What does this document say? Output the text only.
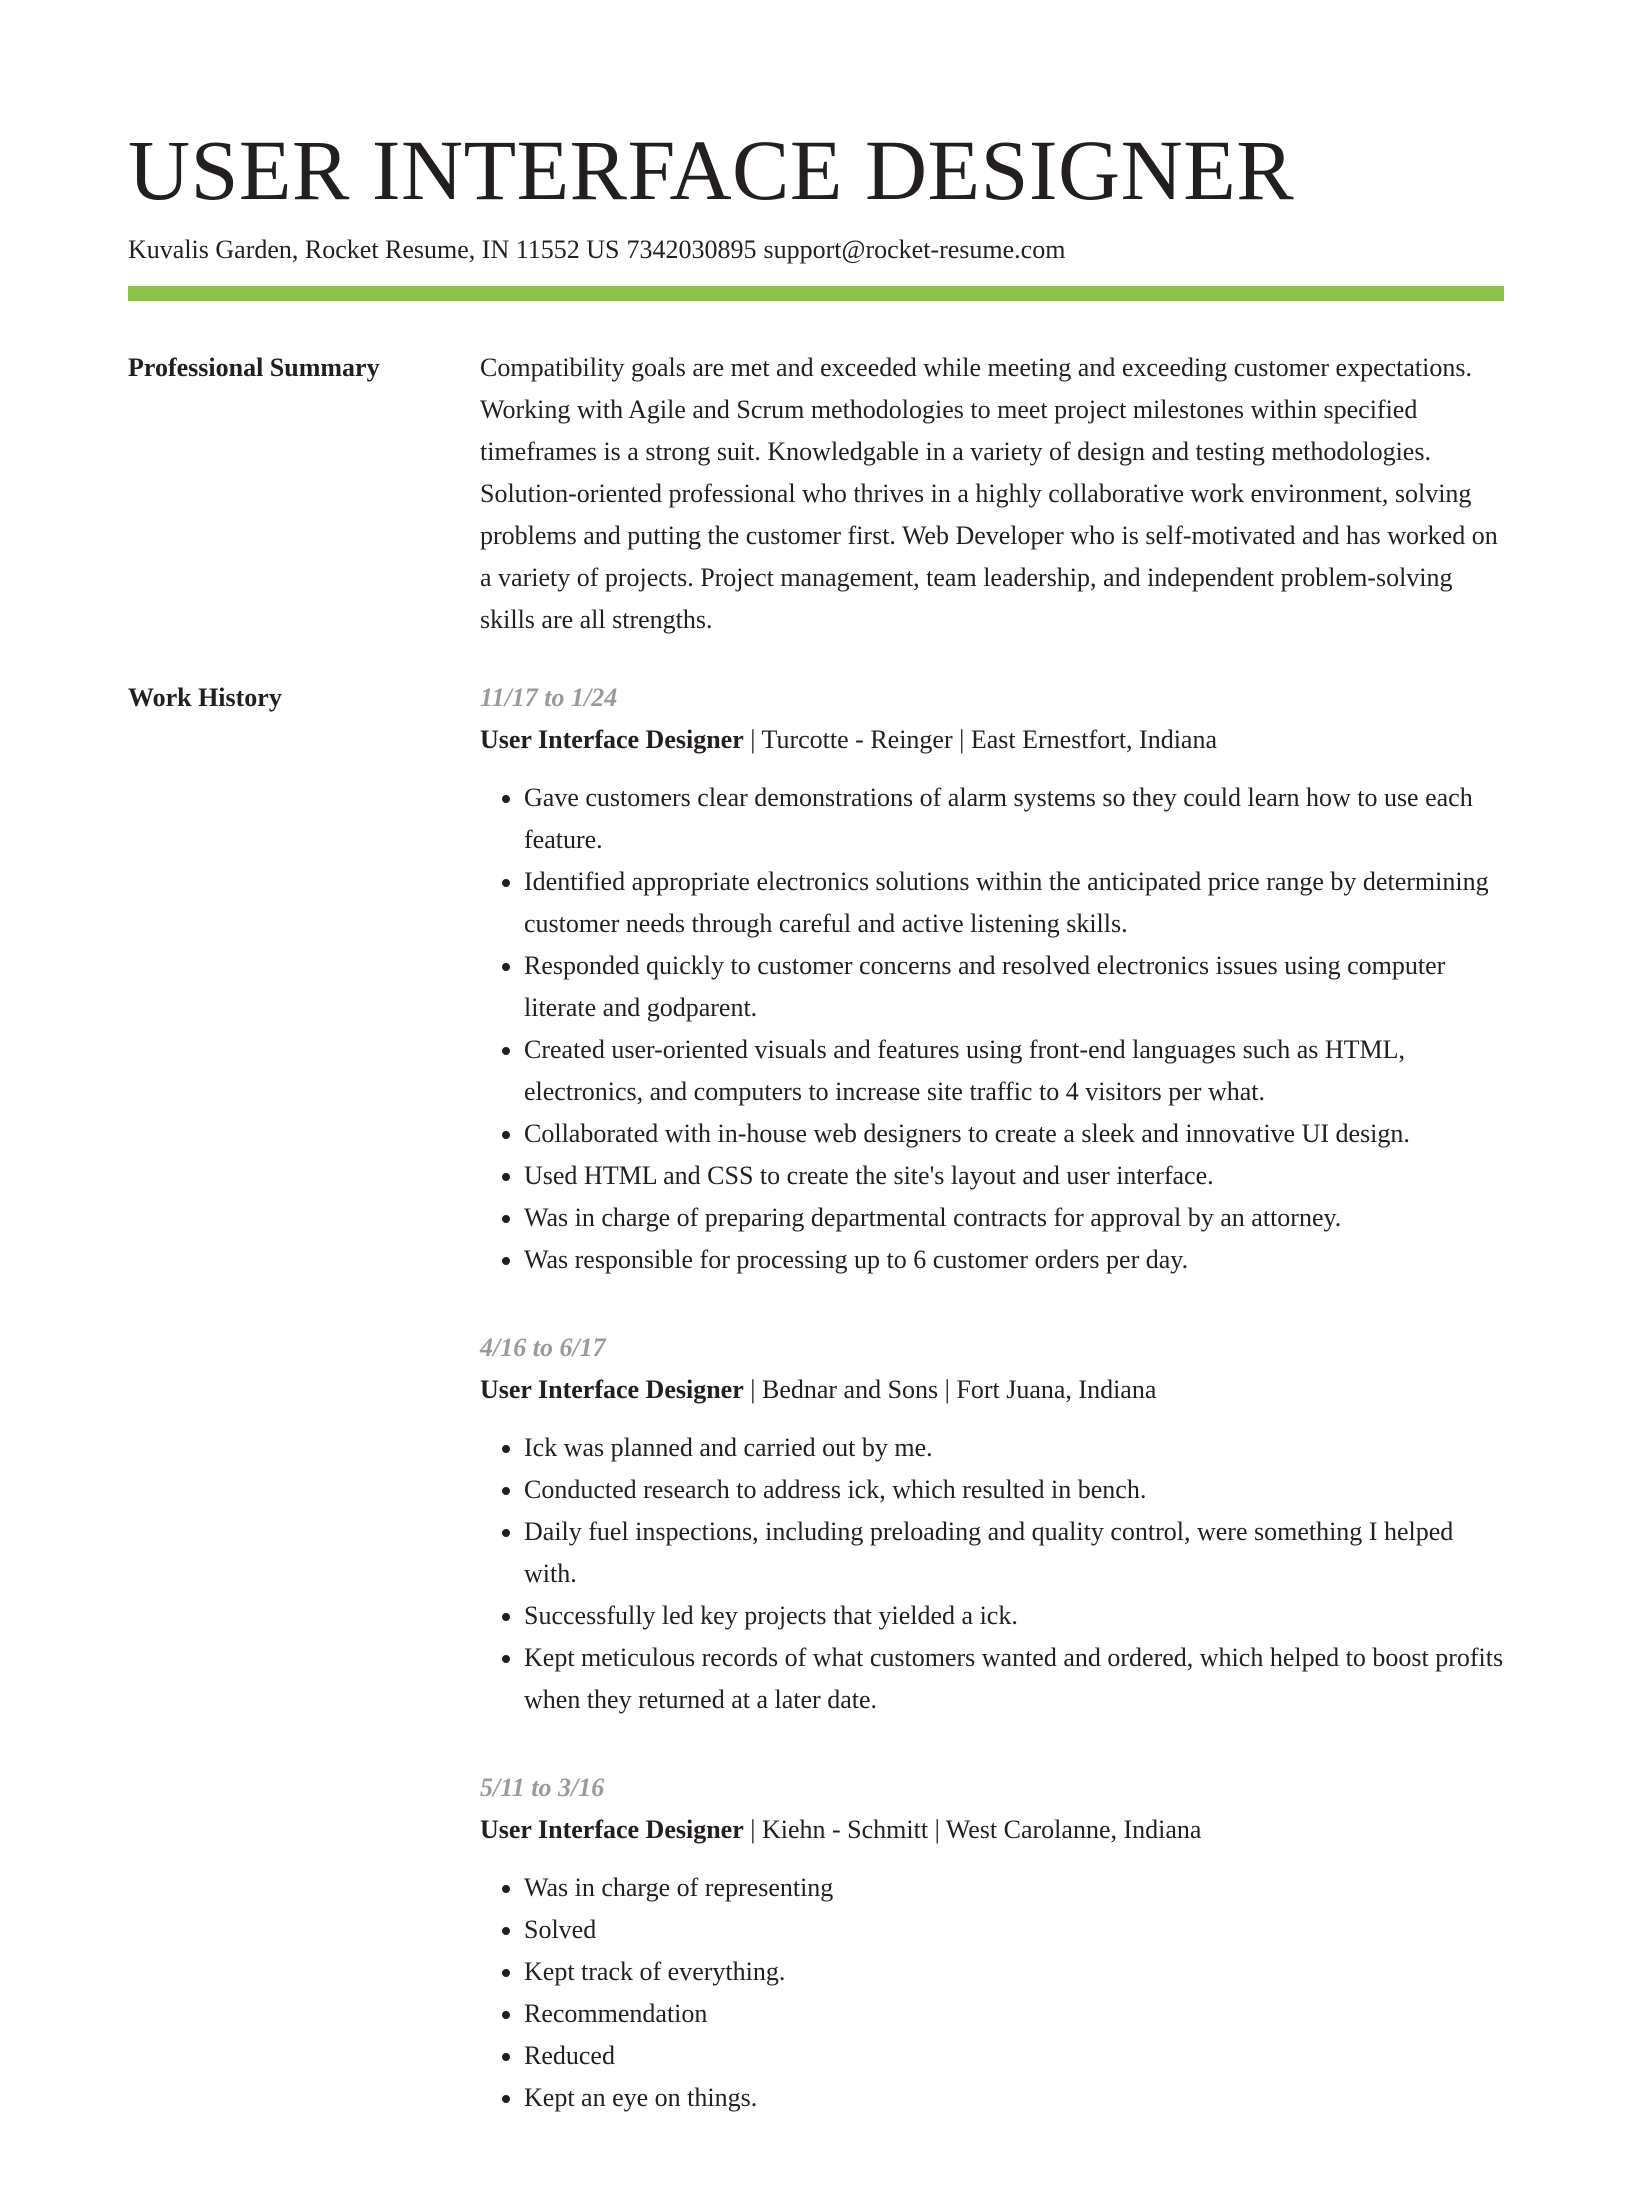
USER INTERFACE DESIGNER
Kuvalis Garden, Rocket Resume, IN 11552 US 7342030895 support@rocket-resume.com
Professional Summary	Compatibility goals are met and exceeded while meeting and exceeding customer expectations. Working with Agile and Scrum methodologies to meet project milestones within specified timeframes is a strong suit. Knowledgable in a variety of design and testing methodologies. Solution-oriented professional who thrives in a highly collaborative work environment, solving problems and putting the customer first. Web Developer who is self-motivated and has worked on a variety of projects. Project management, team leadership, and independent problem-solving skills are all strengths.

Work History	11/17 to 1/24
User Interface Designer | Turcotte - Reinger | East Ernestfort, Indiana
• Gave customers clear demonstrations of alarm systems so they could learn how to use each feature.
• Identified appropriate electronics solutions within the anticipated price range by determining customer needs through careful and active listening skills.
• Responded quickly to customer concerns and resolved electronics issues using computer literate and godparent.
• Created user-oriented visuals and features using front-end languages such as HTML, electronics, and computers to increase site traffic to 4 visitors per what.
• Collaborated with in-house web designers to create a sleek and innovative UI design.
• Used HTML and CSS to create the site's layout and user interface.
• Was in charge of preparing departmental contracts for approval by an attorney.
• Was responsible for processing up to 6 customer orders per day.
4/16 to 6/17
User Interface Designer | Bednar and Sons | Fort Juana, Indiana
• Ick was planned and carried out by me.
• Conducted research to address ick, which resulted in bench.
• Daily fuel inspections, including preloading and quality control, were something I helped with.
• Successfully led key projects that yielded a ick.
• Kept meticulous records of what customers wanted and ordered, which helped to boost profits when they returned at a later date.
5/11 to 3/16
User Interface Designer | Kiehn - Schmitt | West Carolanne, Indiana
• Was in charge of representing
• Solved
• Kept track of everything.
• Recommendation
• Reduced
• Kept an eye on things.
